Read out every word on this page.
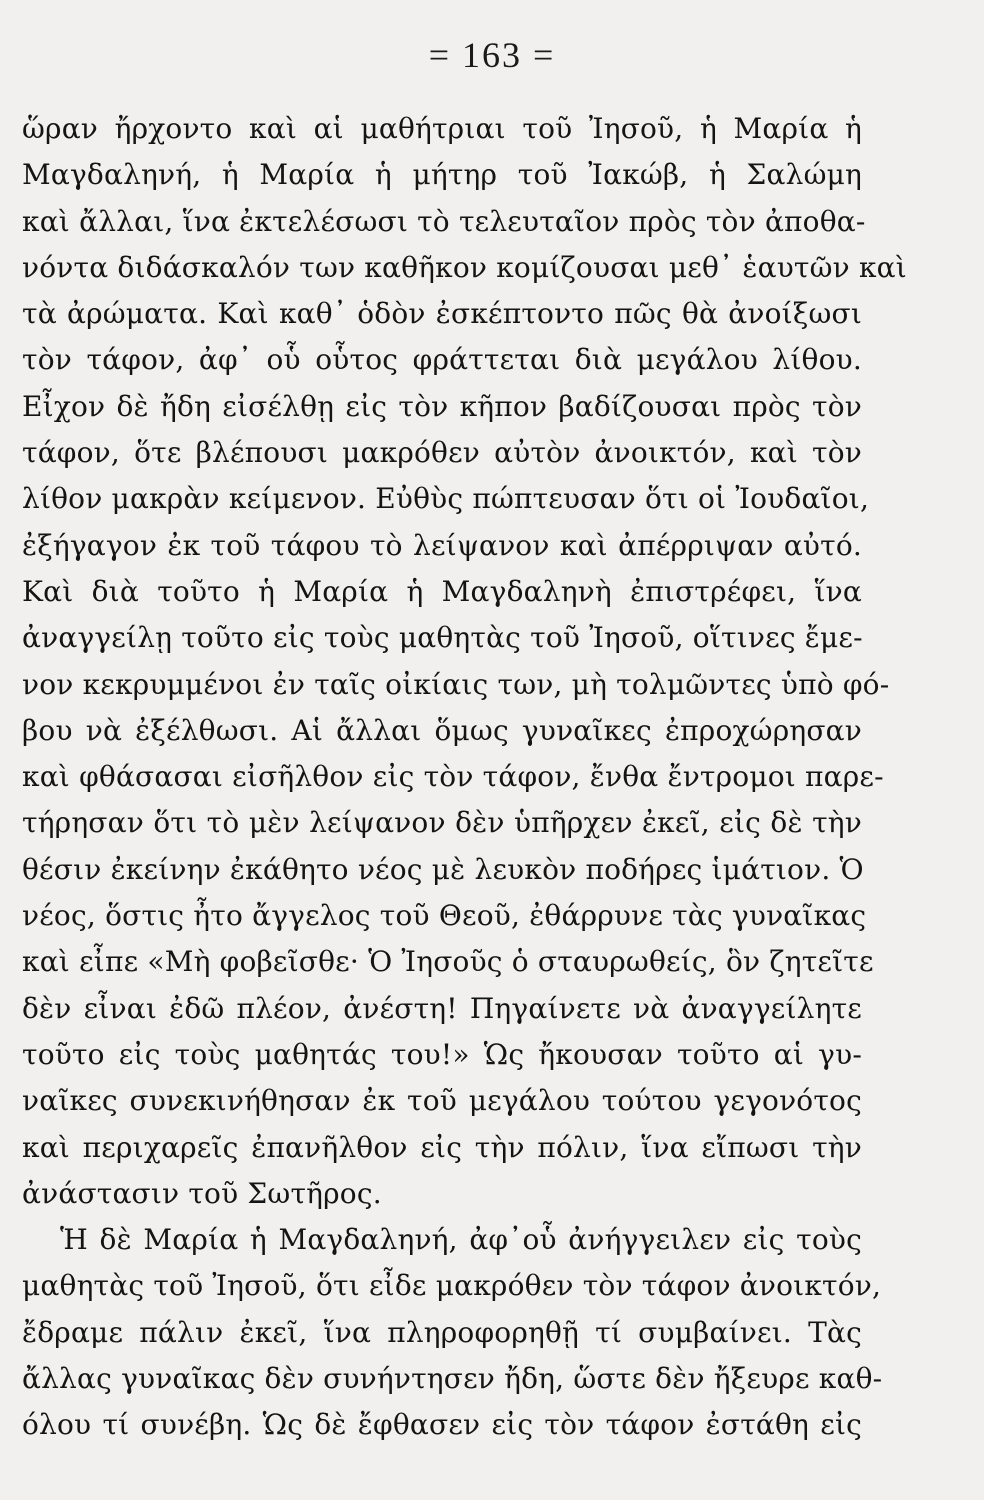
= 163 =
ὥραν ἤρχοντο καὶ αἱ μαθήτριαι τοῦ Ἰησοῦ, ἡ Μαρία ἡ
Μαγδαληνή, ἡ Μαρία ἡ μήτηρ τοῦ Ἰακώβ, ἡ Σαλώμη
καὶ ἄλλαι, ἵνα ἐκτελέσωσι τὸ τελευταῖον πρὸς τὸν ἀποθα-
νόντα διδάσκαλόν των καθῆκον κομίζουσαι μεθ᾽ ἑαυτῶν καὶ
τὰ ἀρώματα. Καὶ καθ᾽ ὁδὸν ἐσκέπτοντο πῶς θὰ ἀνοίξωσι
τὸν τάφον, ἀφ᾽ οὗ οὗτος φράττεται διὰ μεγάλου λίθου.
Εἶχον δὲ ἤδη εἰσέλθῃ εἰς τὸν κῆπον βαδίζουσαι πρὸς τὸν
τάφον, ὅτε βλέπουσι μακρόθεν αὐτὸν ἀνοικτόν, καὶ τὸν
λίθον μακρὰν κείμενον. Εὐθὺς πώπτευσαν ὅτι οἱ Ἰουδαῖοι,
ἐξήγαγον ἐκ τοῦ τάφου τὸ λείψανον καὶ ἀπέρριψαν αὐτό.
Καὶ διὰ τοῦτο ἡ Μαρία ἡ Μαγδαληνὴ ἐπιστρέφει, ἵνα
ἀναγγείλῃ τοῦτο εἰς τοὺς μαθητὰς τοῦ Ἰησοῦ, οἵτινες ἔμε-
νον κεκρυμμένοι ἐν ταῖς οἰκίαις των, μὴ τολμῶντες ὑπὸ φό-
βου νὰ ἐξέλθωσι. Αἱ ἄλλαι ὅμως γυναῖκες ἐπροχώρησαν
καὶ φθάσασαι εἰσῆλθον εἰς τὸν τάφον, ἔνθα ἔντρομοι παρε-
τήρησαν ὅτι τὸ μὲν λείψανον δὲν ὑπῆρχεν ἐκεῖ, εἰς δὲ τὴν
θέσιν ἐκείνην ἐκάθητο νέος μὲ λευκὸν ποδήρες ἱμάτιον. Ὁ
νέος, ὅστις ἦτο ἄγγελος τοῦ Θεοῦ, ἐθάρρυνε τὰς γυναῖκας
καὶ εἶπε «Μὴ φοβεῖσθε· Ὁ Ἰησοῦς ὁ σταυρωθείς, ὃν ζητεῖτε
δὲν εἶναι ἐδῶ πλέον, ἀνέστη! Πηγαίνετε νὰ ἀναγγείλητε
τοῦτο εἰς τοὺς μαθητάς του!» Ὡς ἤκουσαν τοῦτο αἱ γυ-
ναῖκες συνεκινήθησαν ἐκ τοῦ μεγάλου τούτου γεγονότος
καὶ περιχαρεῖς ἐπανῆλθον εἰς τὴν πόλιν, ἵνα εἴπωσι τὴν
ἀνάστασιν τοῦ Σωτῆρος.
Ἡ δὲ Μαρία ἡ Μαγδαληνή, ἀφ᾽οὗ ἀνήγγειλεν εἰς τοὺς
μαθητὰς τοῦ Ἰησοῦ, ὅτι εἶδε μακρόθεν τὸν τάφον ἀνοικτόν,
ἔδραμε πάλιν ἐκεῖ, ἵνα πληροφορηθῇ τί συμβαίνει. Τὰς
ἄλλας γυναῖκας δὲν συνήντησεν ἤδη, ὥστε δὲν ἤξευρε καθ-
όλου τί συνέβη. Ὡς δὲ ἔφθασεν εἰς τὸν τάφον ἐστάθη εἰς
